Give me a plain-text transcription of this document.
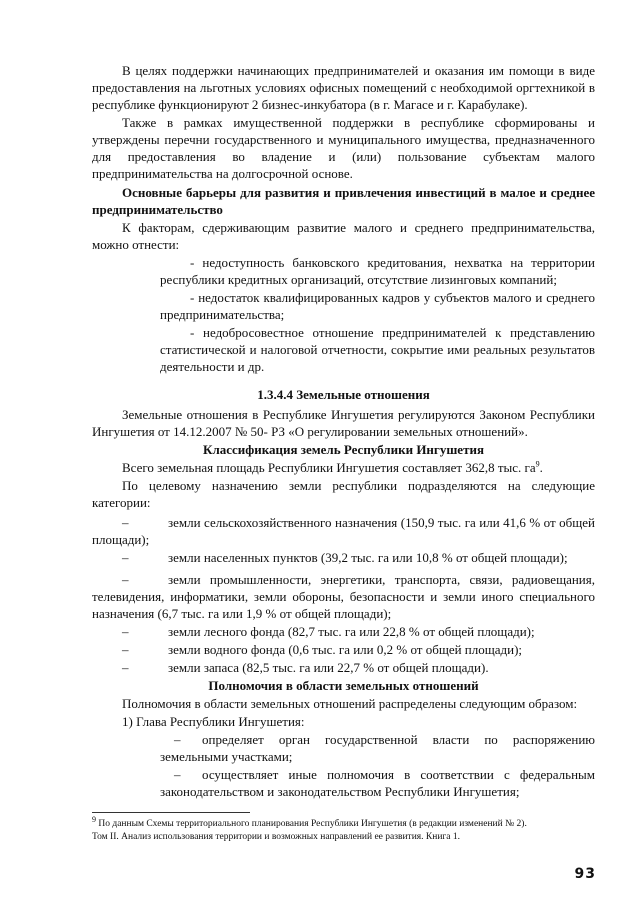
В целях поддержки начинающих предпринимателей и оказания им помощи в виде предоставления на льготных условиях офисных помещений с необходимой оргтехникой в республике функционируют 2 бизнес-инкубатора (в г. Магасе и г. Карабулаке).

Также в рамках имущественной поддержки в республике сформированы и утверждены перечни государственного и муниципального имущества, предназначенного для предоставления во владение и (или) пользование субъектам малого предпринимательства на долгосрочной основе.

Основные барьеры для развития и привлечения инвестиций в малое и среднее предпринимательство

К факторам, сдерживающим развитие малого и среднего предпринимательства, можно отнести:

- недоступность банковского кредитования, нехватка на территории республики кредитных организаций, отсутствие лизинговых компаний;

- недостаток квалифицированных кадров у субъектов малого и среднего предпринимательства;

- недобросовестное отношение предпринимателей к представлению статистической и налоговой отчетности, сокрытие ими реальных результатов деятельности и др.

1.3.4.4 Земельные отношения

Земельные отношения в Республике Ингушетия регулируются Законом Республики Ингушетия от 14.12.2007 № 50- РЗ «О регулировании земельных отношений».

Классификация земель Республики Ингушетия

Всего земельная площадь Республики Ингушетия составляет 362,8 тыс. $га^9$.

По целевому назначению земли республики подразделяются на следующие категории:

–	земли сельскохозяйственного назначения (150,9 тыс. га или 41,6 % от общей площади);
–	земли населенных пунктов (39,2 тыс. га или 10,8 % от общей площади);
–	земли промышленности, энергетики, транспорта, связи, радиовещания, телевидения, информатики, земли обороны, безопасности и земли иного специального назначения (6,7 тыс. га или 1,9 % от общей площади);
–	земли лесного фонда (82,7 тыс. га или 22,8 % от общей площади);
–	земли водного фонда (0,6 тыс. га или 0,2 % от общей площади);
–	земли запаса (82,5 тыс. га или 22,7 % от общей площади).

Полномочия в области земельных отношений

Полномочия в области земельных отношений распределены следующим образом:

1) Глава Республики Ингушетия:

–	определяет орган государственной власти по распоряжению земельными участками;
–	осуществляет иные полномочия в соответствии с федеральным законодательством и законодательством Республики Ингушетия;

$^9$ По данным Схемы территориального планирования Республики Ингушетия (в редакции изменений № 2).

Том II. Анализ использования территории и возможных направлений ее развития. Книга 1.

93
